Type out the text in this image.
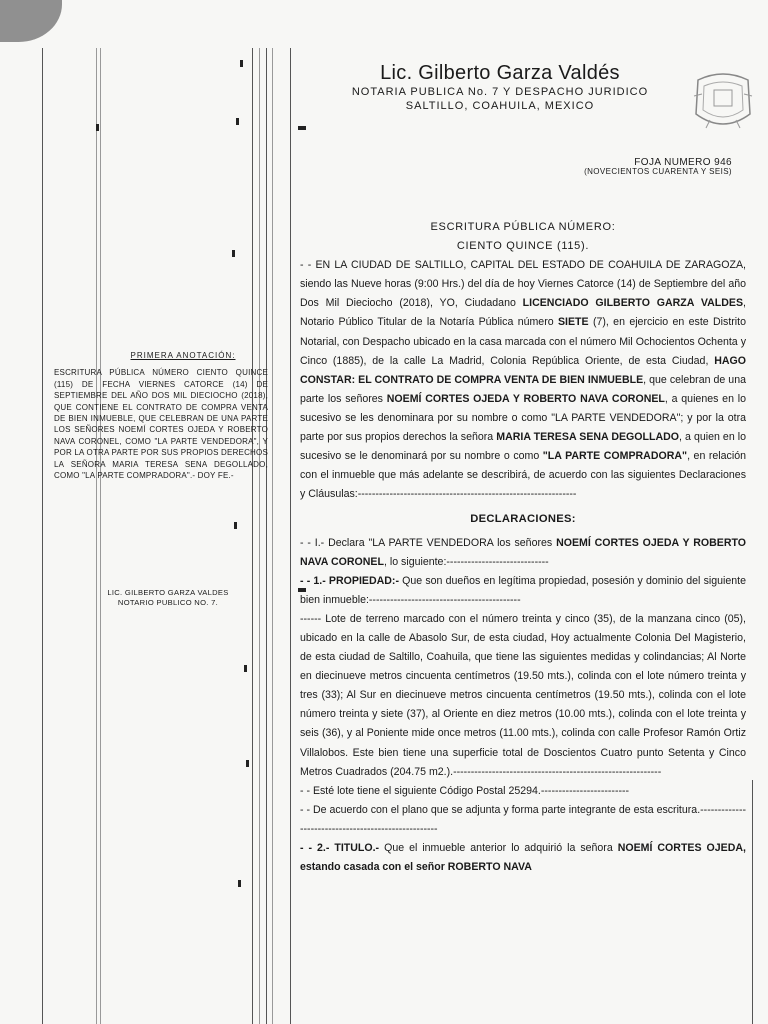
Lic. Gilberto Garza Valdés
NOTARIA PUBLICA No. 7 Y DESPACHO JURIDICO
SALTILLO, COAHUILA, MEXICO
FOJA NUMERO 946
(NOVECIENTOS CUARENTA Y SEIS)
PRIMERA ANOTACIÓN:
ESCRITURA PÚBLICA NÚMERO CIENTO QUINCE (115) DE FECHA VIERNES CATORCE (14) DE SEPTIEMBRE DEL AÑO DOS MIL DIECIOCHO (2018), QUE CONTIENE EL CONTRATO DE COMPRA VENTA DE BIEN INMUEBLE, QUE CELEBRAN DE UNA PARTE LOS SEÑORES NOEMÍ CORTES OJEDA Y ROBERTO NAVA CORONEL, COMO "LA PARTE VENDEDORA", Y POR LA OTRA PARTE POR SUS PROPIOS DERECHOS LA SEÑORA MARIA TERESA SENA DEGOLLADO, COMO "LA PARTE COMPRADORA".- DOY FE.-
LIC. GILBERTO GARZA VALDES
NOTARIO PUBLICO NO. 7.
ESCRITURA PÚBLICA NÚMERO:
CIENTO QUINCE (115).

- - EN LA CIUDAD DE SALTILLO, CAPITAL DEL ESTADO DE COAHUILA DE ZARAGOZA, siendo las Nueve horas (9:00 Hrs.) del día de hoy Viernes Catorce (14) de Septiembre del año Dos Mil Dieciocho (2018), YO, Ciudadano LICENCIADO GILBERTO GARZA VALDES, Notario Público Titular de la Notaría Pública número SIETE (7), en ejercicio en este Distrito Notarial, con Despacho ubicado en la casa marcada con el número Mil Ochocientos Ochenta y Cinco (1885), de la calle La Madrid, Colonia República Oriente, de esta Ciudad, HAGO CONSTAR: EL CONTRATO DE COMPRA VENTA DE BIEN INMUEBLE, que celebran de una parte los señores NOEMÍ CORTES OJEDA Y ROBERTO NAVA CORONEL, a quienes en lo sucesivo se les denominara por su nombre o como "LA PARTE VENDEDORA"; y por la otra parte por sus propios derechos la señora MARIA TERESA SENA DEGOLLADO, a quien en lo sucesivo se le denominará por su nombre o como "LA PARTE COMPRADORA", en relación con el inmueble que más adelante se describirá, de acuerdo con las siguientes Declaraciones y Cláusulas:--------------------------------------------------------------

DECLARACIONES:

- - I.- Declara "LA PARTE VENDEDORA los señores NOEMÍ CORTES OJEDA Y ROBERTO NAVA CORONEL, lo siguiente:-----------------------------

- - 1.- PROPIEDAD:- Que son dueños en legítima propiedad, posesión y dominio del siguiente bien inmueble:-------------------------------------------

------ Lote de terreno marcado con el número treinta y cinco (35), de la manzana cinco (05), ubicado en la calle de Abasolo Sur, de esta ciudad, Hoy actualmente Colonia Del Magisterio, de esta ciudad de Saltillo, Coahuila, que tiene las siguientes medidas y colindancias; Al Norte en diecinueve metros cincuenta centímetros (19.50 mts.), colinda con el lote número treinta y tres (33); Al Sur en diecinueve metros cincuenta centímetros (19.50 mts.), colinda con el lote número treinta y siete (37), al Oriente en diez metros (10.00 mts.), colinda con el lote treinta y seis (36), y al Poniente mide once metros (11.00 mts.), colinda con calle Profesor Ramón Ortiz Villalobos. Este bien tiene una superficie total de Doscientos Cuatro punto Setenta y Cinco Metros Cuadrados (204.75 m2.).-----------------------------------------------------------

- - Esté lote tiene el siguiente Código Postal 25294.-------------------------

- - De acuerdo con el plano que se adjunta y forma parte integrante de esta escritura.----------------------------------------------------

- - 2.- TITULO.- Que el inmueble anterior lo adquirió la señora NOEMÍ CORTES OJEDA, estando casada con el señor ROBERTO NAVA
